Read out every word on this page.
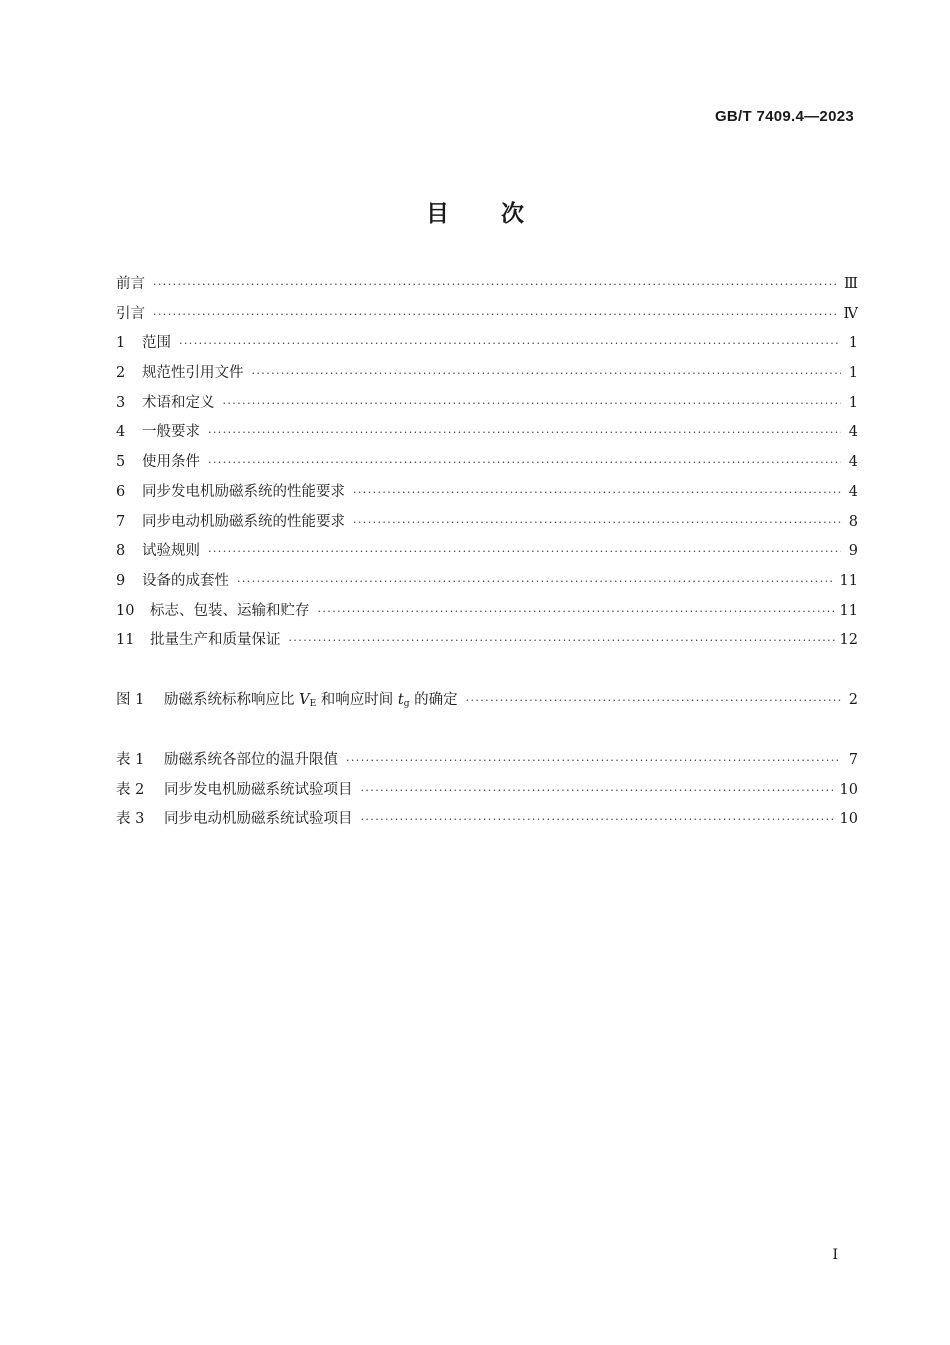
GB/T 7409.4—2023
目次
前言 ·····	Ⅲ
引言 ·····	Ⅳ
1	范围 ·····	1
2	规范性引用文件 ·····	1
3	术语和定义 ·····	1
4	一般要求 ·····	4
5	使用条件 ·····	4
6	同步发电机励磁系统的性能要求 ·····	4
7	同步电动机励磁系统的性能要求 ·····	8
8	试验规则 ·····	9
9	设备的成套性 ·····	11
10	标志、包装、运输和贮存 ·····	11
11	批量生产和质量保证 ·····	12
图 1	励磁系统标称响应比 $V_E$ 和响应时间 $t_g$ 的确定 ·····	2
表 1	励磁系统各部位的温升限值 ·····	7
表 2	同步发电机励磁系统试验项目 ·····	10
表 3	同步电动机励磁系统试验项目 ·····	10
I
